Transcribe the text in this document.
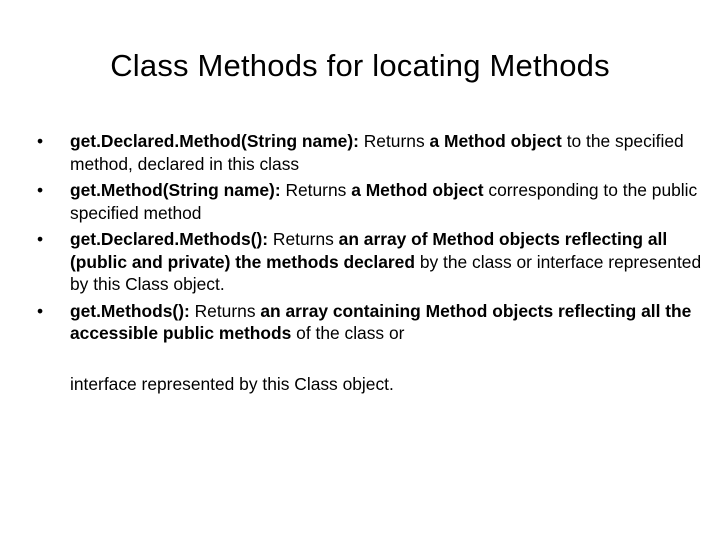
Class Methods for locating Methods
•	get.Declared.Method(String name): Returns a Method object to the specified method, declared in this class
•	get.Method(String name): Returns a Method object corresponding to the public specified method
•	get.Declared.Methods(): Returns an array of Method objects reflecting all (public and private) the methods declared by the class or interface represented by this Class object.
•	get.Methods(): Returns an array containing Method objects reflecting all the accessible public methods of the class or

interface represented by this Class object.
